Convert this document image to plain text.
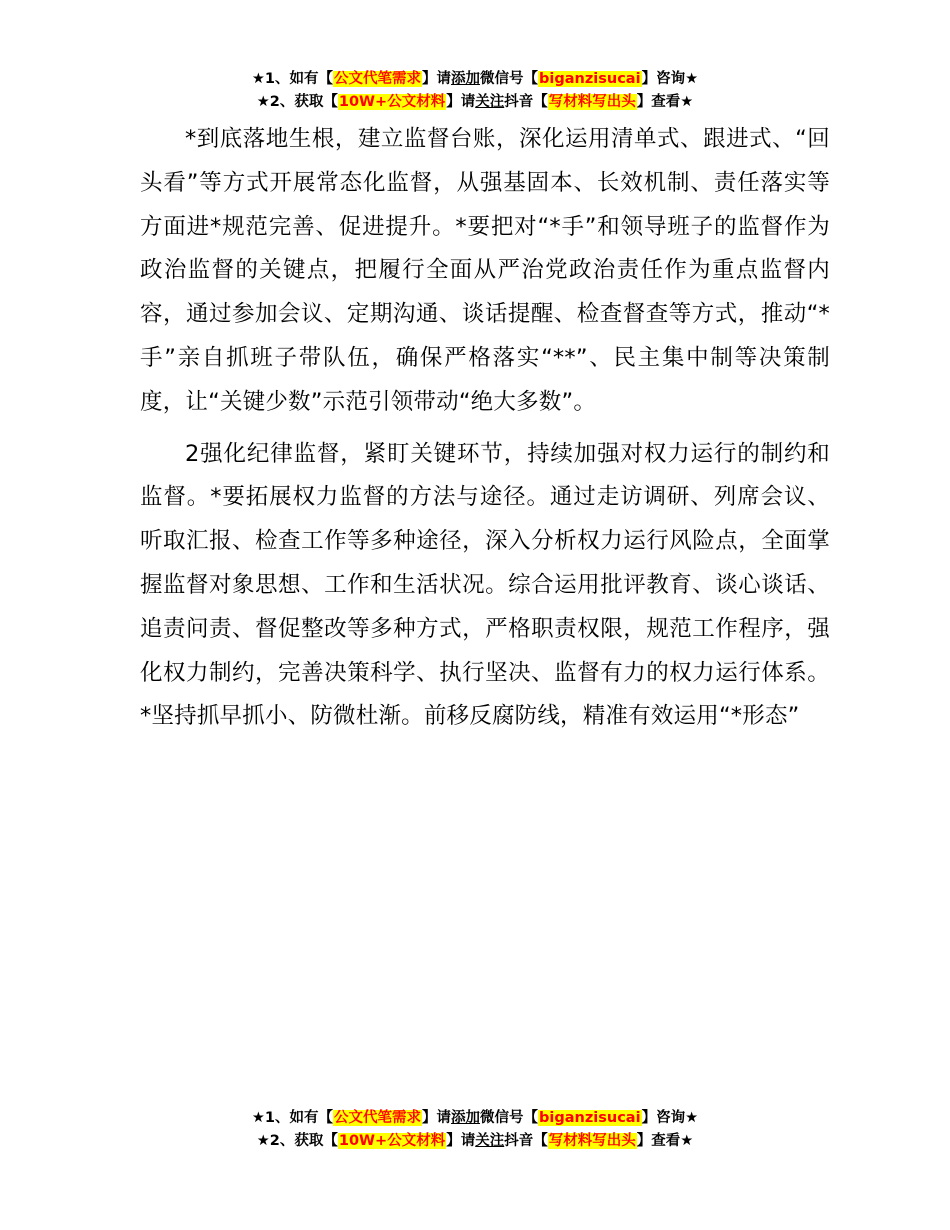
★1、如有【公文代笔需求】请添加微信号【biganzisucai】咨询★
★2、获取【10W+公文材料】请关注抖音【写材料写出头】查看★

*到底落地生根，建立监督台账，深化运用清单式、跟进式、“回头看”等方式开展常态化监督，从强基固本、长效机制、责任落实等方面进*规范完善、促进提升。*要把对“*手”和领导班子的监督作为政治监督的关键点，把履行全面从严治党政治责任作为重点监督内容，通过参加会议、定期沟通、谈话提醒、检查督查等方式，推动“*手”亲自抓班子带队伍，确保严格落实“**”、民主集中制等决策制度，让“关键少数”示范引领带动“绝大多数”。

2强化纪律监督，紧盯关键环节，持续加强对权力运行的制约和监督。*要拓展权力监督的方法与途径。通过走访调研、列席会议、听取汇报、检查工作等多种途径，深入分析权力运行风险点，全面掌握监督对象思想、工作和生活状况。综合运用批评教育、谈心谈话、追责问责、督促整改等多种方式，严格职责权限，规范工作程序，强化权力制约，完善决策科学、执行坚决、监督有力的权力运行体系。*坚持抓早抓小、防微杜渐。前移反腐防线，精准有效运用“*形态”

★1、如有【公文代笔需求】请添加微信号【biganzisucai】咨询★
★2、获取【10W+公文材料】请关注抖音【写材料写出头】查看★
